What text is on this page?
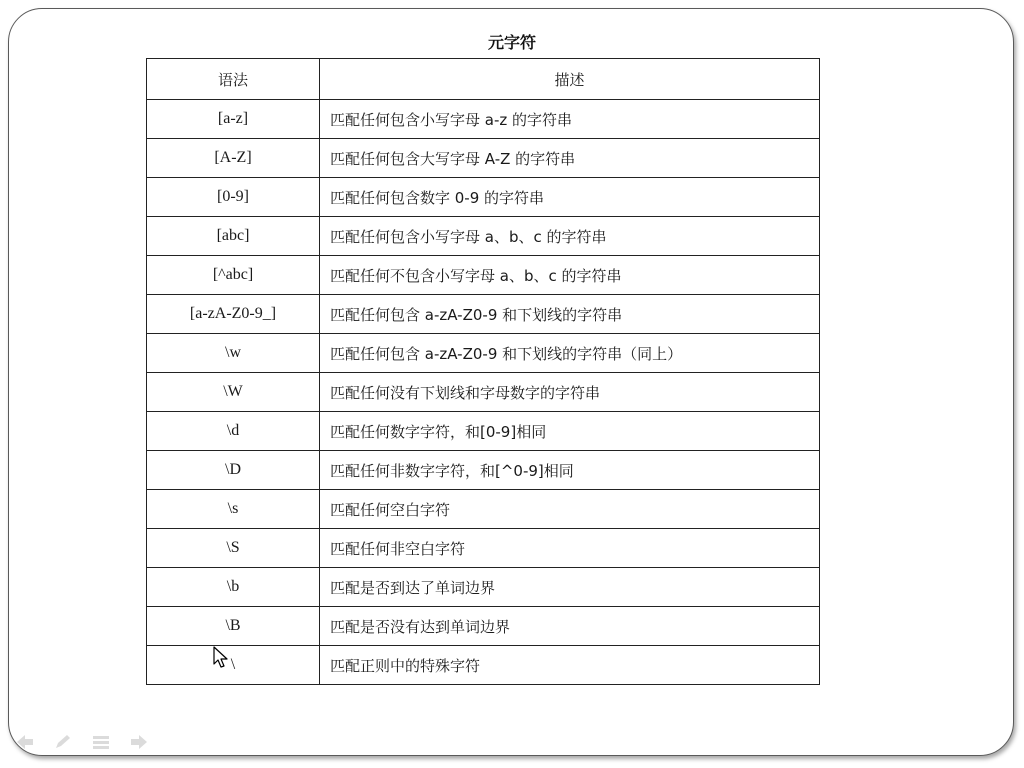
元字符
语法	描述
[a-z]	匹配任何包含小写字母 a-z 的字符串
[A-Z]	匹配任何包含大写字母 A-Z 的字符串
[0-9]	匹配任何包含数字 0-9 的字符串
[abc]	匹配任何包含小写字母 a、b、c 的字符串
[^abc]	匹配任何不包含小写字母 a、b、c 的字符串
[a-zA-Z0-9_]	匹配任何包含 a-zA-Z0-9 和下划线的字符串
\w	匹配任何包含 a-zA-Z0-9 和下划线的字符串（同上）
\W	匹配任何没有下划线和字母数字的字符串
\d	匹配任何数字字符，和[0-9]相同
\D	匹配任何非数字字符，和[^0-9]相同
\s	匹配任何空白字符
\S	匹配任何非空白字符
\b	匹配是否到达了单词边界
\B	匹配是否没有达到单词边界
\	匹配正则中的特殊字符
